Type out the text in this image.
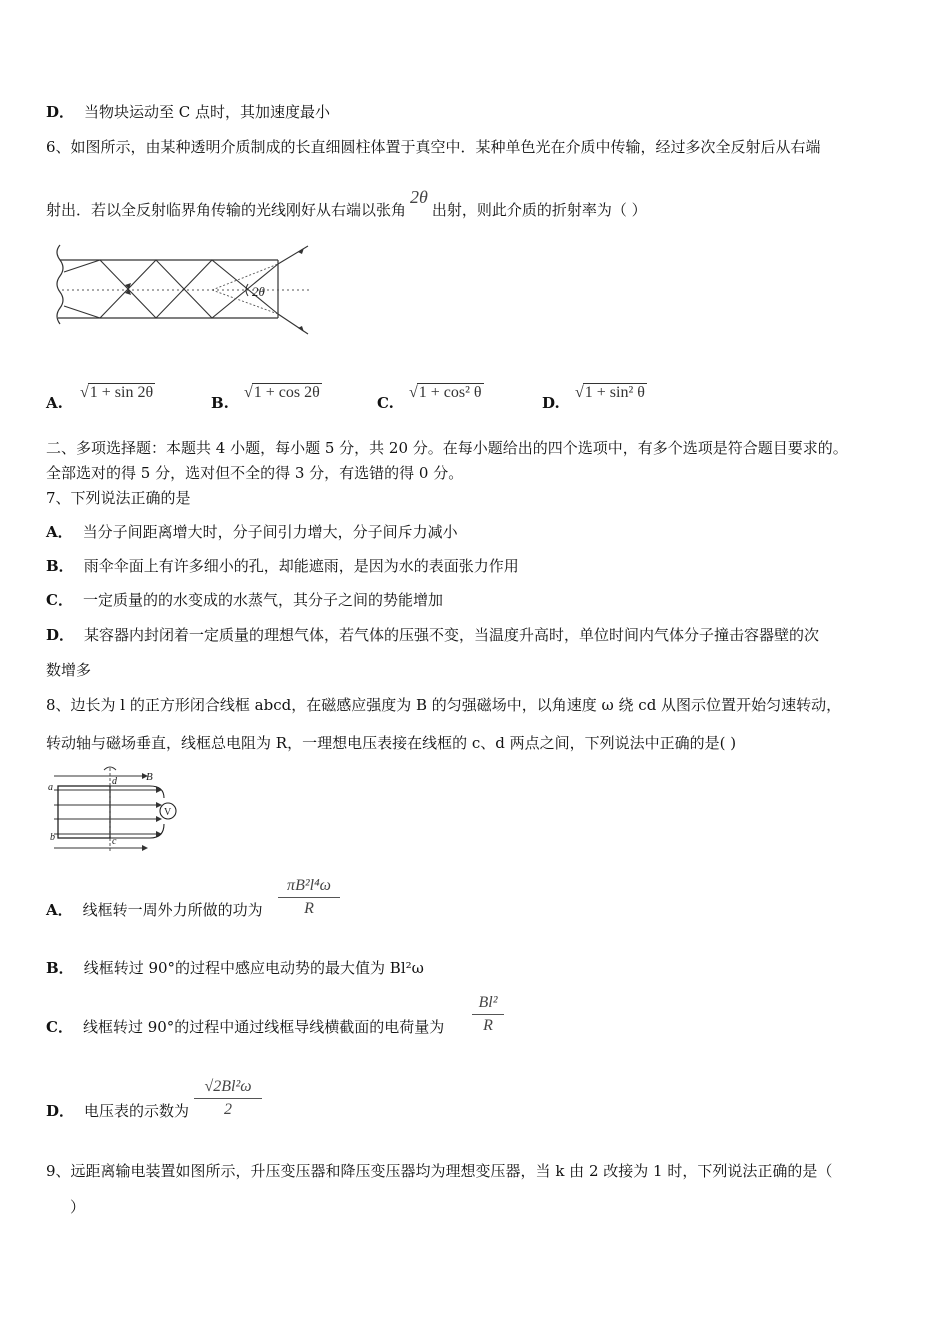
D． 当物块运动至 C 点时，其加速度最小
6、如图所示，由某种透明介质制成的长直细圆柱体置于真空中．某种单色光在介质中传输，经过多次全反射后从右端
射出．若以全反射临界角传输的光线刚好从右端以张角2θ出射，则此介质的折射率为（ ）
2θ
A.
√1 + sin 2θ
B.
√1 + cos 2θ
C.
√1 + cos² θ
D.
√1 + sin² θ
二、多项选择题：本题共 4 小题，每小题 5 分，共 20 分。在每小题给出的四个选项中，有多个选项是符合题目要求的。
全部选对的得 5 分，选对但不全的得 3 分，有选错的得 0 分。
7、下列说法正确的是
A． 当分子间距离增大时，分子间引力增大，分子间斥力减小
B． 雨伞伞面上有许多细小的孔，却能遮雨，是因为水的表面张力作用
C． 一定质量的的水变成的水蒸气，其分子之间的势能增加
D． 某容器内封闭着一定质量的理想气体，若气体的压强不变，当温度升高时，单位时间内气体分子撞击容器壁的次
数增多
8、边长为 l 的正方形闭合线框 abcd，在磁感应强度为 B 的匀强磁场中，以角速度 ω 绕 cd 从图示位置开始匀速转动，
转动轴与磁场垂直，线框总电阻为 R，一理想电压表接在线框的 c、d 两点之间，下列说法中正确的是( )
V
a
b	c
d	B
A． 线框转一周外力所做的功为
πB²l⁴ω
R
B． 线框转过 90°的过程中感应电动势的最大值为 Bl²ω
C． 线框转过 90°的过程中通过线框导线横截面的电荷量为
Bl²
R
D． 电压表的示数为
√2Bl²ω
2
9、远距离输电装置如图所示，升压变压器和降压变压器均为理想变压器，当 k 由 2 改接为 1 时，下列说法正确的是（
）
